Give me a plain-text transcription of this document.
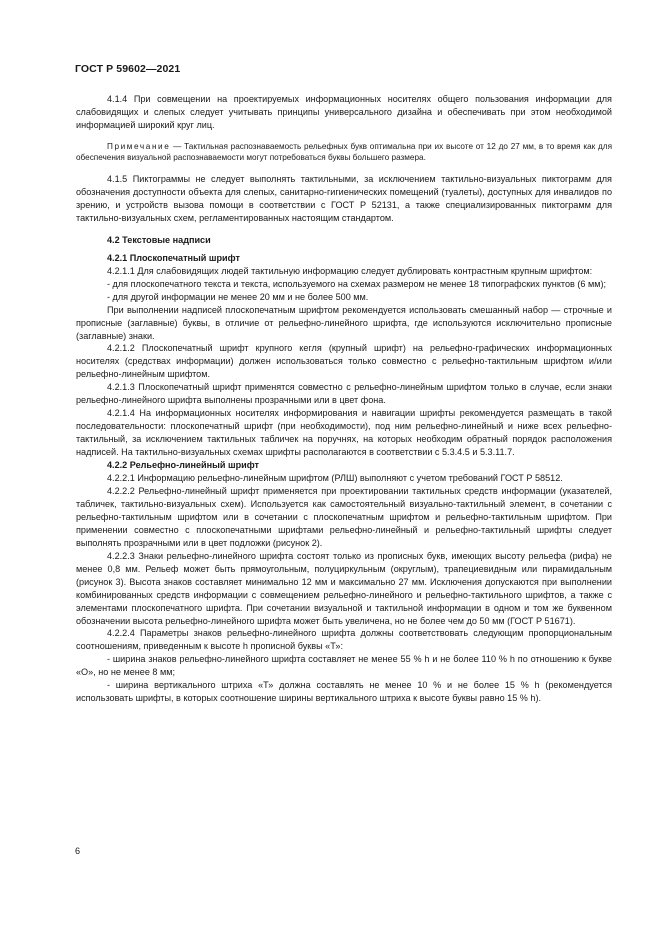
ГОСТ Р 59602—2021

4.1.4 При совмещении на проектируемых информационных носителях общего пользования информации для слабовидящих и слепых следует учитывать принципы универсального дизайна и обеспечивать при этом необходимой информацией широкий круг лиц.

Примечание — Тактильная распознаваемость рельефных букв оптимальна при их высоте от 12 до 27 мм, в то время как для обеспечения визуальной распознаваемости могут потребоваться буквы большего размера.

4.1.5 Пиктограммы не следует выполнять тактильными, за исключением тактильно-визуальных пиктограмм для обозначения доступности объекта для слепых, санитарно-гигиенических помещений (туалеты), доступных для инвалидов по зрению, и устройств вызова помощи в соответствии с ГОСТ Р 52131, а также специализированных пиктограмм для тактильно-визуальных схем, регламентированных настоящим стандартом.

4.2 Текстовые надписи

4.2.1 Плоскопечатный шрифт

4.2.1.1 Для слабовидящих людей тактильную информацию следует дублировать контрастным крупным шрифтом:

- для плоскопечатного текста и текста, используемого на схемах размером не менее 18 типографских пунктов (6 мм);

- для другой информации не менее 20 мм и не более 500 мм.

При выполнении надписей плоскопечатным шрифтом рекомендуется использовать смешанный набор — строчные и прописные (заглавные) буквы, в отличие от рельефно-линейного шрифта, где используются исключительно прописные (заглавные) знаки.

4.2.1.2 Плоскопечатный шрифт крупного кегля (крупный шрифт) на рельефно-графических информационных носителях (средствах информации) должен использоваться только совместно с рельефно-тактильным шрифтом и/или рельефно-линейным шрифтом.

4.2.1.3 Плоскопечатный шрифт применятся совместно с рельефно-линейным шрифтом только в случае, если знаки рельефно-линейного шрифта выполнены прозрачными или в цвет фона.

4.2.1.4 На информационных носителях информирования и навигации шрифты рекомендуется размещать в такой последовательности: плоскопечатный шрифт (при необходимости), под ним рельефно-линейный и ниже всех рельефно-тактильный, за исключением тактильных табличек на поручнях, на которых необходим обратный порядок расположения надписей. На тактильно-визуальных схемах шрифты располагаются в соответствии с 5.3.4.5 и 5.3.11.7.

4.2.2 Рельефно-линейный шрифт

4.2.2.1 Информацию рельефно-линейным шрифтом (РЛШ) выполняют с учетом требований ГОСТ Р 58512.

4.2.2.2 Рельефно-линейный шрифт применяется при проектировании тактильных средств информации (указателей, табличек, тактильно-визуальных схем). Используется как самостоятельный визуально-тактильный элемент, в сочетании с рельефно-тактильным шрифтом или в сочетании с плоскопечатным шрифтом и рельефно-тактильным шрифтом. При применении совместно с плоскопечатными шрифтами рельефно-линейный и рельефно-тактильный шрифты следует выполнять прозрачными или в цвет подложки (рисунок 2).

4.2.2.3 Знаки рельефно-линейного шрифта состоят только из прописных букв, имеющих высоту рельефа (рифа) не менее 0,8 мм. Рельеф может быть прямоугольным, полуциркульным (округлым), трапециевидным или пирамидальным (рисунок 3). Высота знаков составляет минимально 12 мм и максимально 27 мм. Исключения допускаются при выполнении комбинированных средств информации с совмещением рельефно-линейного и рельефно-тактильного шрифтов, а также с элементами плоскопечатного шрифта. При сочетании визуальной и тактильной информации в одном и том же буквенном обозначении высота рельефно-линейного шрифта может быть увеличена, но не более чем до 50 мм (ГОСТ Р 51671).

4.2.2.4 Параметры знаков рельефно-линейного шрифта должны соответствовать следующим пропорциональным соотношениям, приведенным к высоте h прописной буквы «Т»:

- ширина знаков рельефно-линейного шрифта составляет не менее 55 % h и не более 110 % h по отношению к букве «О», но не менее 8 мм;

- ширина вертикального штриха «Т» должна составлять не менее 10 % и не более 15 % h (рекомендуется использовать шрифты, в которых соотношение ширины вертикального штриха к высоте буквы равно 15 % h).

6
